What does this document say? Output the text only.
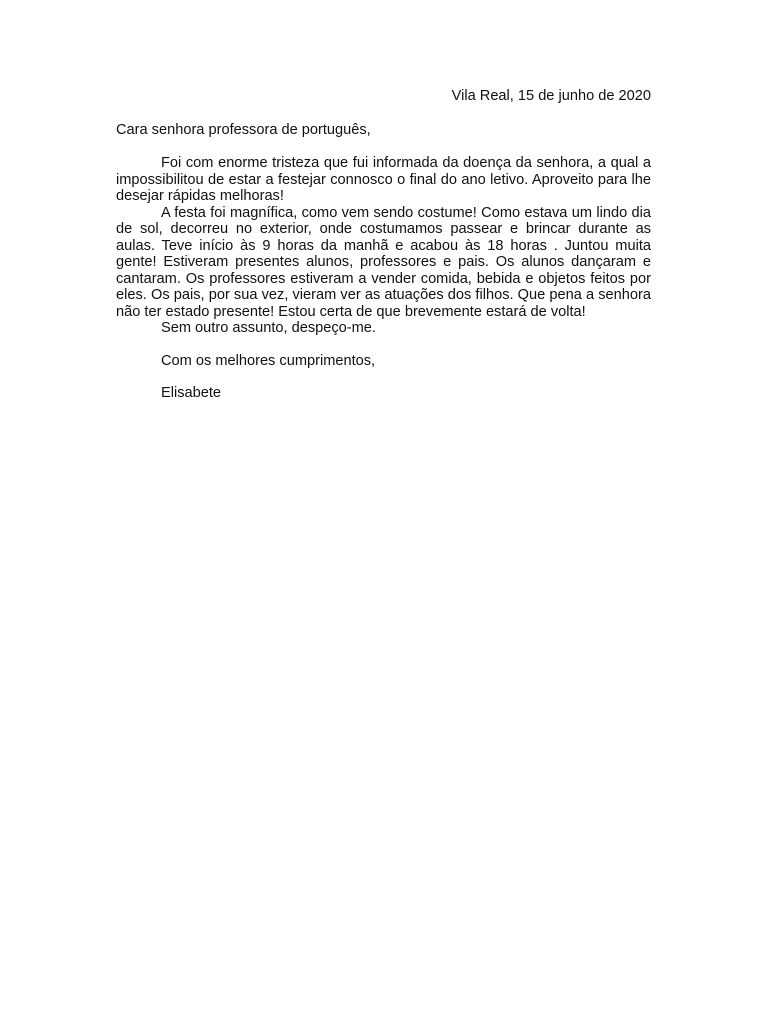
Vila Real, 15 de junho de 2020

Cara senhora professora de português,

Foi com enorme tristeza que fui informada da doença da senhora, a qual a impossibilitou de estar a festejar connosco o final do ano letivo. Aproveito para lhe desejar rápidas melhoras!

A festa foi magnífica, como vem sendo costume! Como estava um lindo dia de sol, decorreu no exterior, onde costumamos passear e brincar durante as aulas. Teve início às 9 horas da manhã e acabou às 18 horas . Juntou muita gente! Estiveram presentes alunos, professores e pais. Os alunos dançaram e cantaram. Os professores estiveram a vender comida, bebida e objetos feitos por eles. Os pais, por sua vez, vieram ver as atuações dos filhos. Que pena a senhora não ter estado presente! Estou certa de que brevemente estará de volta!

Sem outro assunto, despeço-me.

Com os melhores cumprimentos,

Elisabete
